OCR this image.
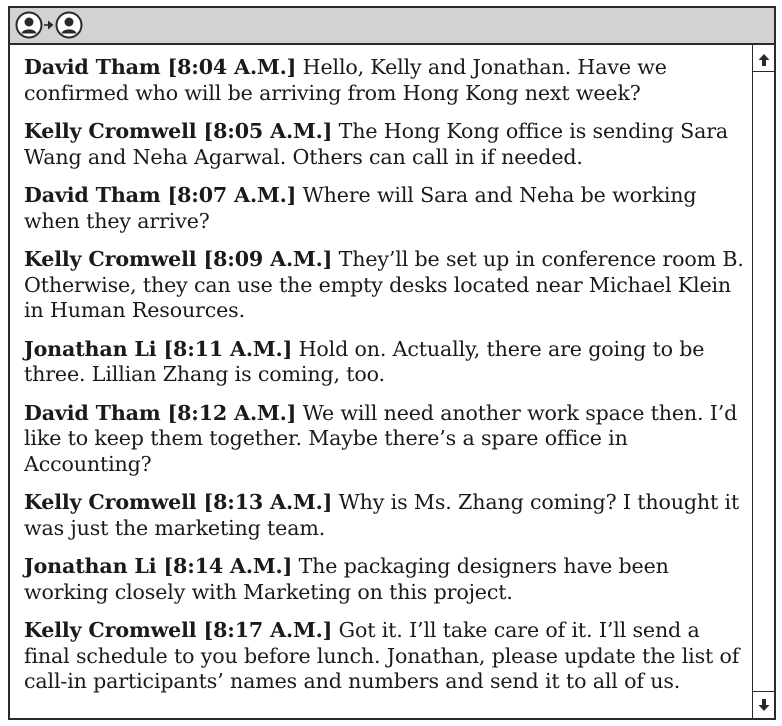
David Tham [8:04 A.M.] Hello, Kelly and Jonathan. Have we confirmed who will be arriving from Hong Kong next week?

Kelly Cromwell [8:05 A.M.] The Hong Kong office is sending Sara Wang and Neha Agarwal. Others can call in if needed.

David Tham [8:07 A.M.] Where will Sara and Neha be working when they arrive?

Kelly Cromwell [8:09 A.M.] They’ll be set up in conference room B. Otherwise, they can use the empty desks located near Michael Klein in Human Resources.

Jonathan Li [8:11 A.M.] Hold on. Actually, there are going to be three. Lillian Zhang is coming, too.

David Tham [8:12 A.M.] We will need another work space then. I’d like to keep them together. Maybe there’s a spare office in Accounting?

Kelly Cromwell [8:13 A.M.] Why is Ms. Zhang coming? I thought it was just the marketing team.

Jonathan Li [8:14 A.M.] The packaging designers have been working closely with Marketing on this project.

Kelly Cromwell [8:17 A.M.] Got it. I’ll take care of it. I’ll send a final schedule to you before lunch. Jonathan, please update the list of call-in participants’ names and numbers and send it to all of us.
